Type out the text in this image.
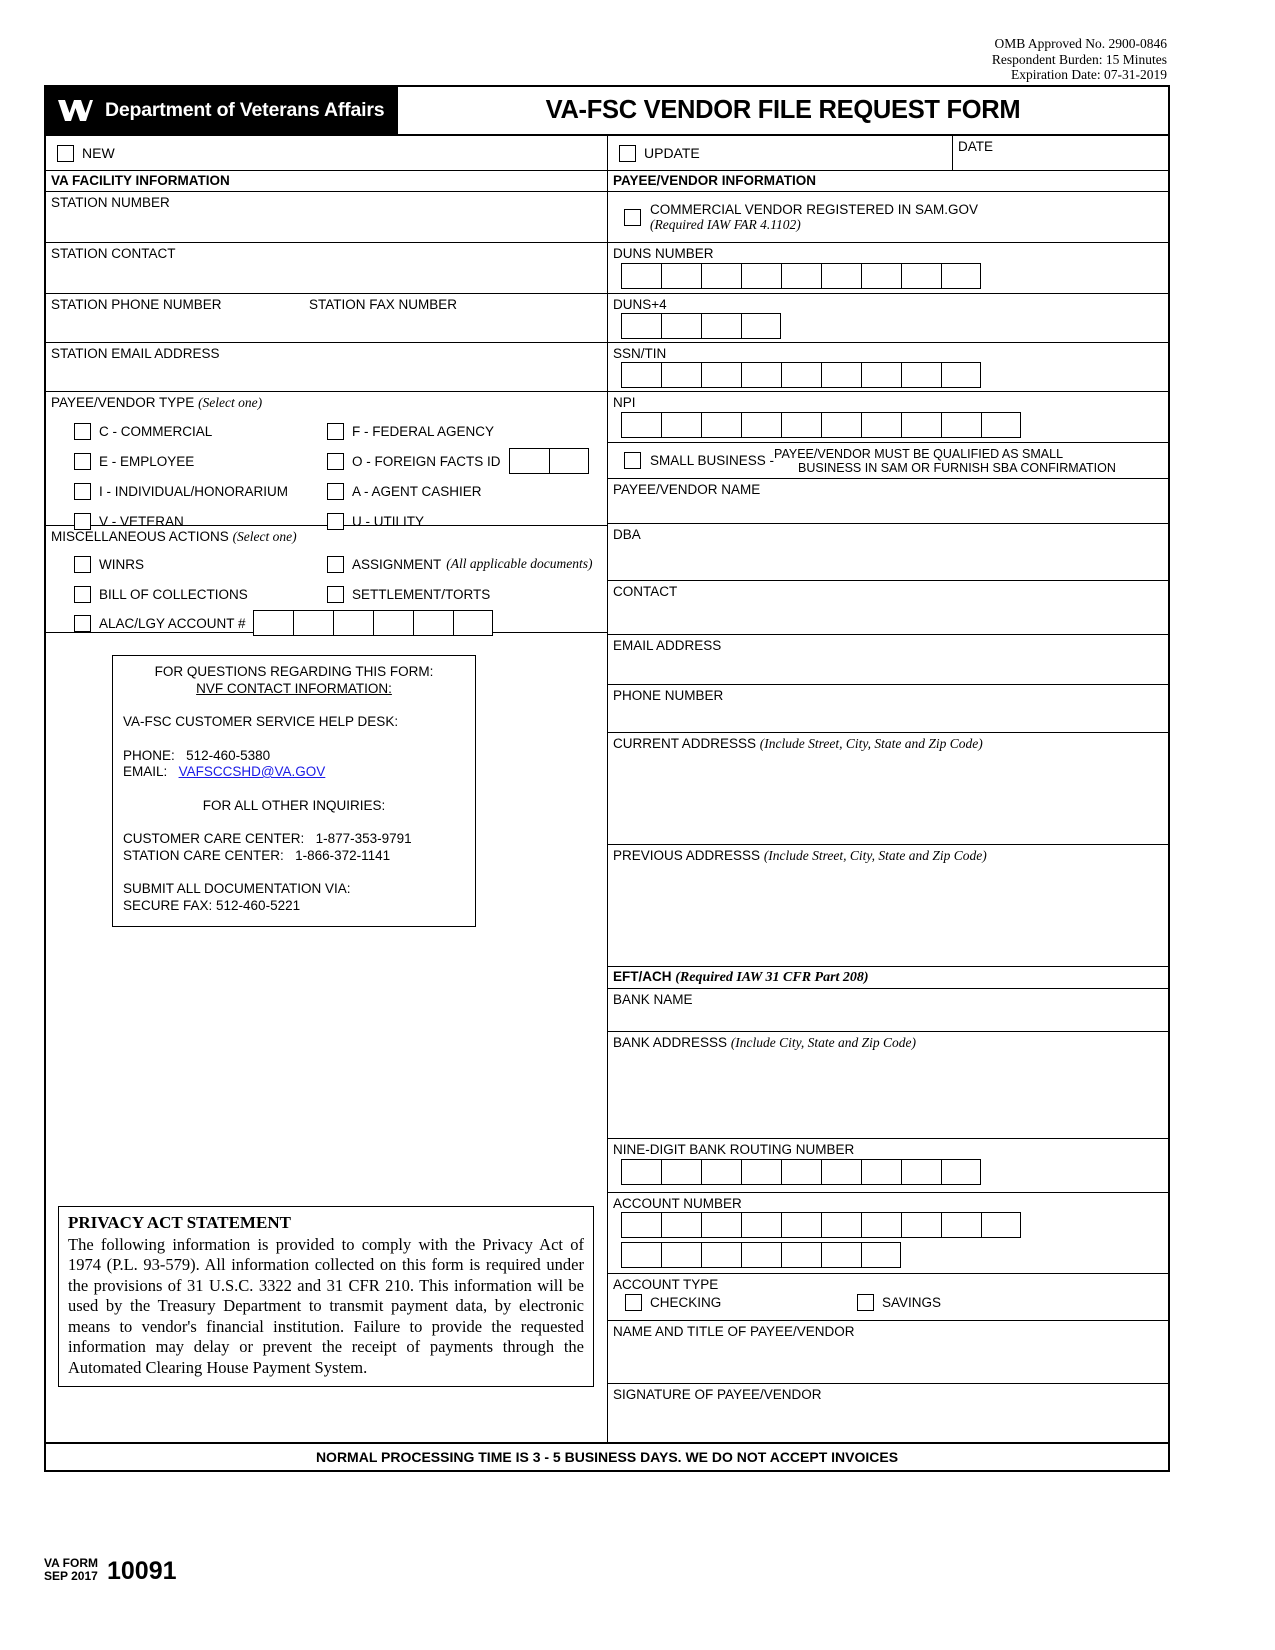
OMB Approved No. 2900-0846
Respondent Burden: 15 Minutes
Expiration Date: 07-31-2019
Department of Veterans Affairs	VA-FSC VENDOR FILE REQUEST FORM
NEW	UPDATE	DATE
VA FACILITY INFORMATION	PAYEE/VENDOR INFORMATION
STATION NUMBER
STATION CONTACT
STATION PHONE NUMBER	STATION FAX NUMBER
STATION EMAIL ADDRESS
PAYEE/VENDOR TYPE (Select one)
C - COMMERCIAL
E - EMPLOYEE
I - INDIVIDUAL/HONORARIUM
V - VETERAN
F - FEDERAL AGENCY
O - FOREIGN FACTS ID
A - AGENT CASHIER
U - UTILITY
MISCELLANEOUS ACTIONS (Select one)
WINRS
BILL OF COLLECTIONS
ASSIGNMENT (All applicable documents)
SETTLEMENT/TORTS
ALAC/LGY ACCOUNT #
FOR QUESTIONS REGARDING THIS FORM:
NVF CONTACT INFORMATION:
VA-FSC CUSTOMER SERVICE HELP DESK:
PHONE: 512-460-5380
EMAIL: VAFSCCSHD@VA.GOV
FOR ALL OTHER INQUIRIES:
CUSTOMER CARE CENTER: 1-877-353-9791
STATION CARE CENTER: 1-866-372-1141
SUBMIT ALL DOCUMENTATION VIA:
SECURE FAX: 512-460-5221
PRIVACY ACT STATEMENT
The following information is provided to comply with the Privacy Act of 1974 (P.L. 93-579). All information collected on this form is required under the provisions of 31 U.S.C. 3322 and 31 CFR 210. This information will be used by the Treasury Department to transmit payment data, by electronic means to vendor's financial institution. Failure to provide the requested information may delay or prevent the receipt of payments through the Automated Clearing House Payment System.
COMMERCIAL VENDOR REGISTERED IN SAM.GOV
(Required IAW FAR 4.1102)
DUNS NUMBER
DUNS+4
SSN/TIN
NPI
SMALL BUSINESS - PAYEE/VENDOR MUST BE QUALIFIED AS SMALL
BUSINESS IN SAM OR FURNISH SBA CONFIRMATION
PAYEE/VENDOR NAME
DBA
CONTACT
EMAIL ADDRESS
PHONE NUMBER
CURRENT ADDRESSS (Include Street, City, State and Zip Code)
PREVIOUS ADDRESSS (Include Street, City, State and Zip Code)
EFT/ACH (Required IAW 31 CFR Part 208)
BANK NAME
BANK ADDRESSS (Include City, State and Zip Code)
NINE-DIGIT BANK ROUTING NUMBER
ACCOUNT NUMBER
ACCOUNT TYPE
CHECKING	SAVINGS
NAME AND TITLE OF PAYEE/VENDOR
SIGNATURE OF PAYEE/VENDOR
NORMAL PROCESSING TIME IS 3 - 5 BUSINESS DAYS. WE DO NOT ACCEPT INVOICES
VA FORM
SEP 2017 10091
